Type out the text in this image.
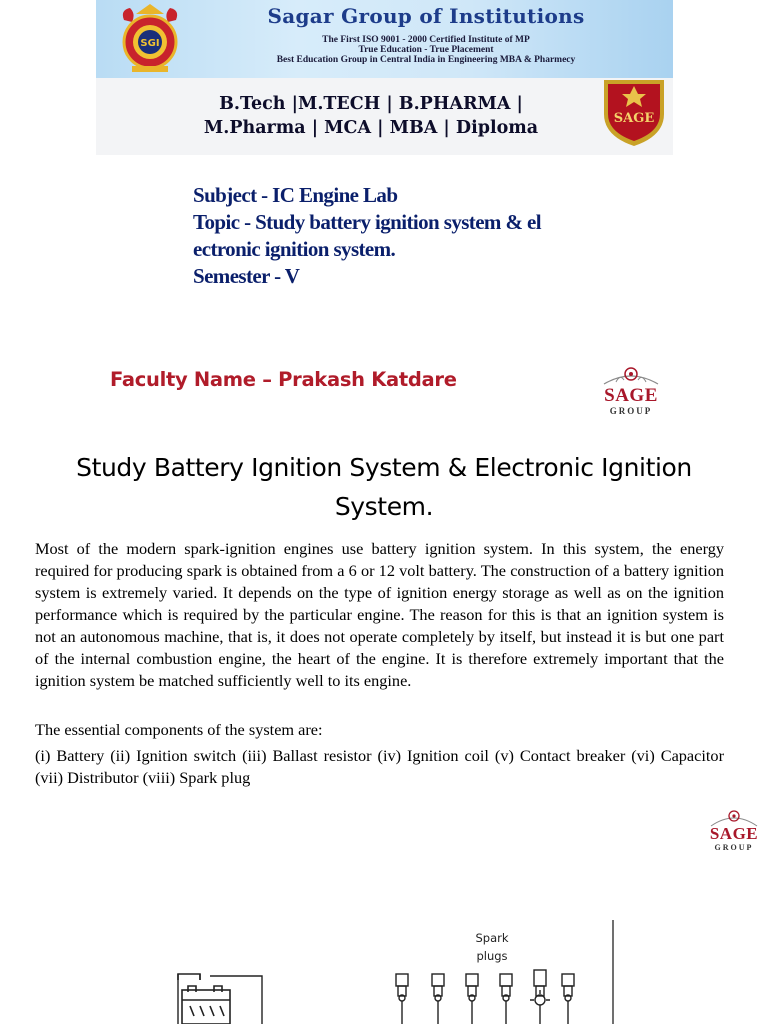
SGI
Sagar Group of Institutions
The First ISO 9001 - 2000 Certified Institute of MP
True Education - True Placement
Best Education Group in Central India in Engineering MBA & Pharmecy
B.Tech |M.TECH | B.PHARMA |
M.Pharma | MCA | MBA | Diploma	SAGE
Subject - IC Engine Lab
Topic - Study battery ignition system & el
ectronic ignition system.
Semester - V
Faculty Name – Prakash Katdare
SAGE
GROUP
Study Battery Ignition System & Electronic Ignition System.

Most of the modern spark-ignition engines use battery ignition system. In this system, the energy required for producing spark is obtained from a 6 or 12 volt battery. The construction of a battery ignition system is extremely varied. It depends on the type of ignition energy storage as well as on the ignition performance which is required by the particular engine. The reason for this is that an ignition system is not an autonomous machine, that is, it does not operate completely by itself, but instead it is but one part of the internal combustion engine, the heart of the engine. It is therefore extremely important that the ignition system be matched sufficiently well to its engine.

The essential components of the system are:

(i) Battery (ii) Ignition switch (iii) Ballast resistor (iv) Ignition coil (v) Contact breaker (vi) Capacitor (vii) Distributor (viii) Spark plug

SAGE
GROUP
Spark
plugs
